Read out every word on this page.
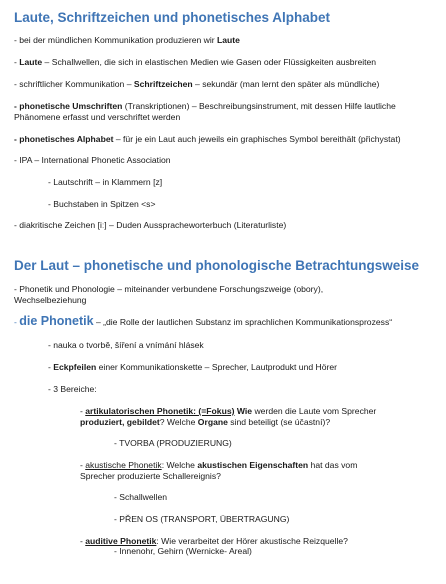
Laute, Schriftzeichen und phonetisches Alphabet
- bei der mündlichen Kommunikation produzieren wir Laute
- Laute – Schallwellen, die sich in elastischen Medien wie Gasen oder Flüssigkeiten ausbreiten
- schriftlicher Kommunikation – Schriftzeichen – sekundär (man lernt den später als mündliche)
- phonetische Umschriften (Transkriptionen) – Beschreibungsinstrument, mit dessen Hilfe lautliche
Phänomene erfasst und verschriftet werden
- phonetisches Alphabet – für je ein Laut auch jeweils ein graphisches Symbol bereithält (přichystat)
- IPA – International Phonetic Association
- Lautschrift – in Klammern [z]
- Buchstaben in Spitzen <s>
- diakritische Zeichen [iː] – Duden Ausspracheworterbuch (Literaturliste)
Der Laut – phonetische und phonologische Betrachtungsweise
- Phonetik und Phonologie – miteinander verbundene Forschungszweige (obory),
Wechselbeziehung
- die Phonetik – „die Rolle der lautlichen Substanz im sprachlichen Kommunikationsprozess“
- nauka o tvorbě, šíření a vnímání hlásek
- Eckpfeilen einer Kommunikationskette – Sprecher, Lautprodukt und Hörer
- 3 Bereiche:
- artikulatorischen Phonetik: (=Fokus) Wie werden die Laute vom Sprecher
produziert, gebildet? Welche Organe sind beteiligt (se účastní)?
- TVORBA (PRODUZIERUNG)
- akustische Phonetik: Welche akustischen Eigenschaften hat das vom
Sprecher produzierte Schallereignis?
- Schallwellen
- PŘEN OS (TRANSPORT, ÜBERTRAGUNG)
- auditive Phonetik: Wie verarbeitet der Hörer akustische Reizquelle?
- Innenohr, Gehirn (Wernicke- Areal)
